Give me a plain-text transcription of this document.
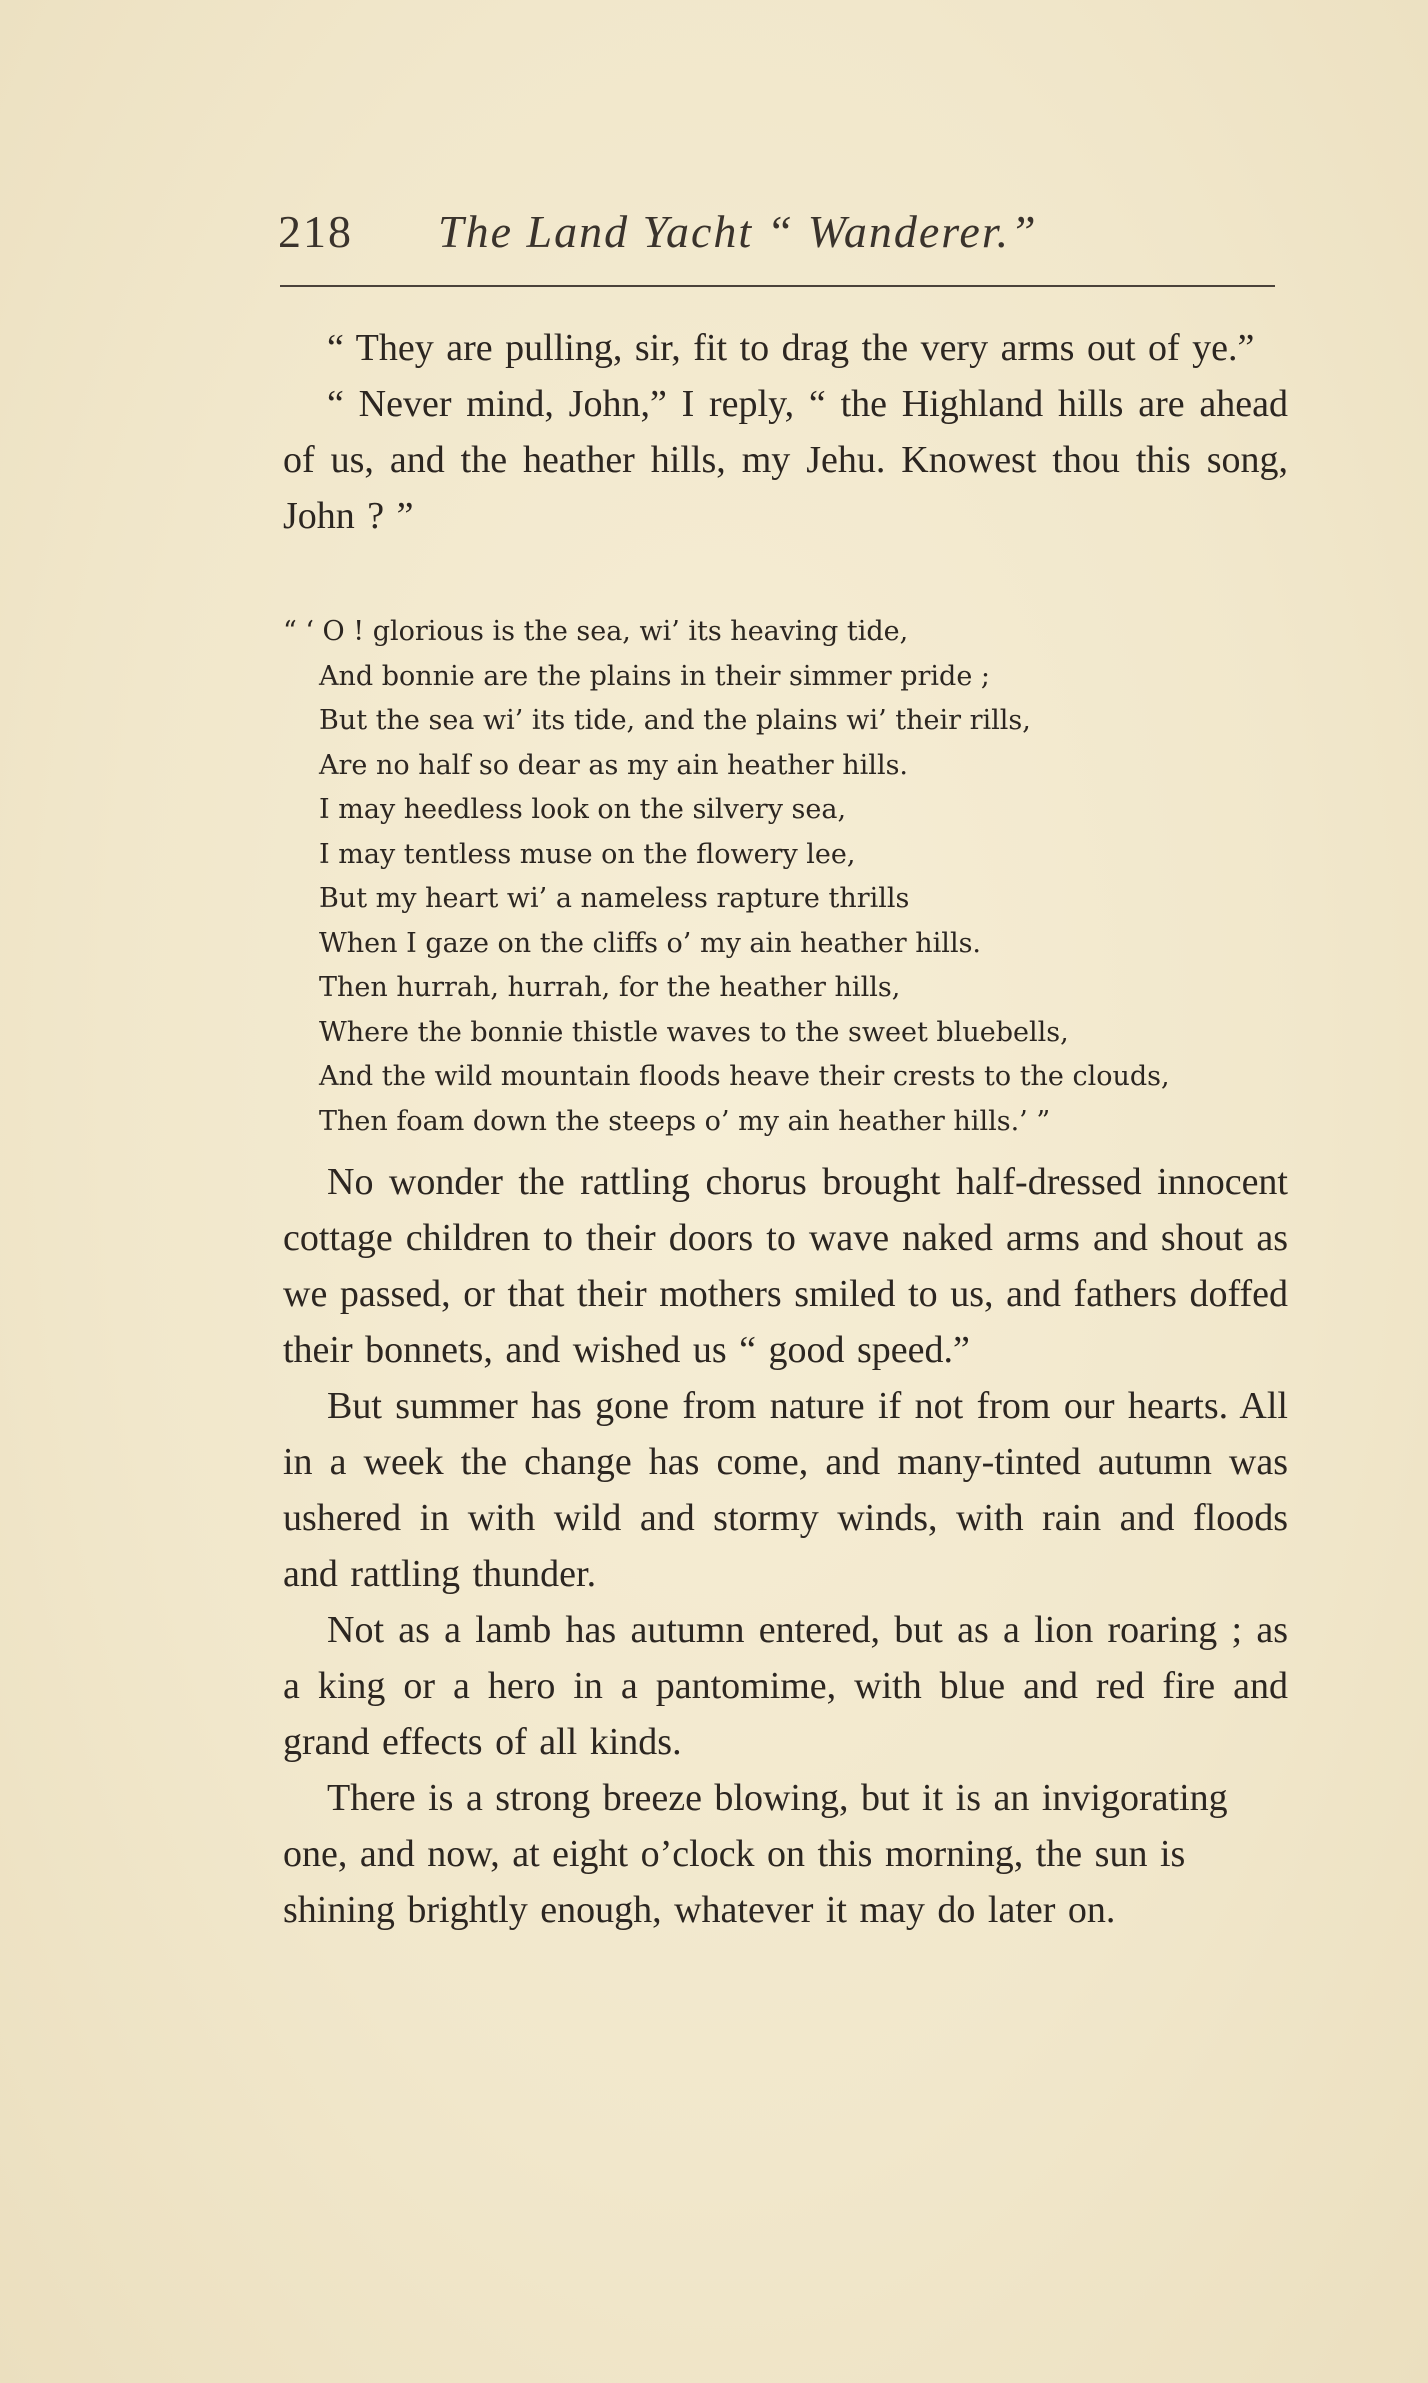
218 The Land Yacht “ Wanderer.”

“ They are pulling, sir, fit to drag the very arms out of ye.”

“ Never mind, John,” I reply, “ the Highland hills are ahead of us, and the heather hills, my Jehu. Knowest thou this song, John ? ”

“ ‘ O ! glorious is the sea, wi’ its heaving tide,
And bonnie are the plains in their simmer pride ;
But the sea wi’ its tide, and the plains wi’ their rills,
Are no half so dear as my ain heather hills.
I may heedless look on the silvery sea,
I may tentless muse on the flowery lee,
But my heart wi’ a nameless rapture thrills
When I gaze on the cliffs o’ my ain heather hills.
Then hurrah, hurrah, for the heather hills,
Where the bonnie thistle waves to the sweet bluebells,
And the wild mountain floods heave their crests to the clouds,
Then foam down the steeps o’ my ain heather hills.’ ”

No wonder the rattling chorus brought half-dressed innocent cottage children to their doors to wave naked arms and shout as we passed, or that their mothers smiled to us, and fathers doffed their bonnets, and wished us “ good speed.”

But summer has gone from nature if not from our hearts. All in a week the change has come, and many-tinted autumn was ushered in with wild and stormy winds, with rain and floods and rattling thunder.

Not as a lamb has autumn entered, but as a lion roaring ; as a king or a hero in a pantomime, with blue and red fire and grand effects of all kinds.

There is a strong breeze blowing, but it is an invigorating one, and now, at eight o’clock on this morning, the sun is shining brightly enough, whatever it may do later on.
